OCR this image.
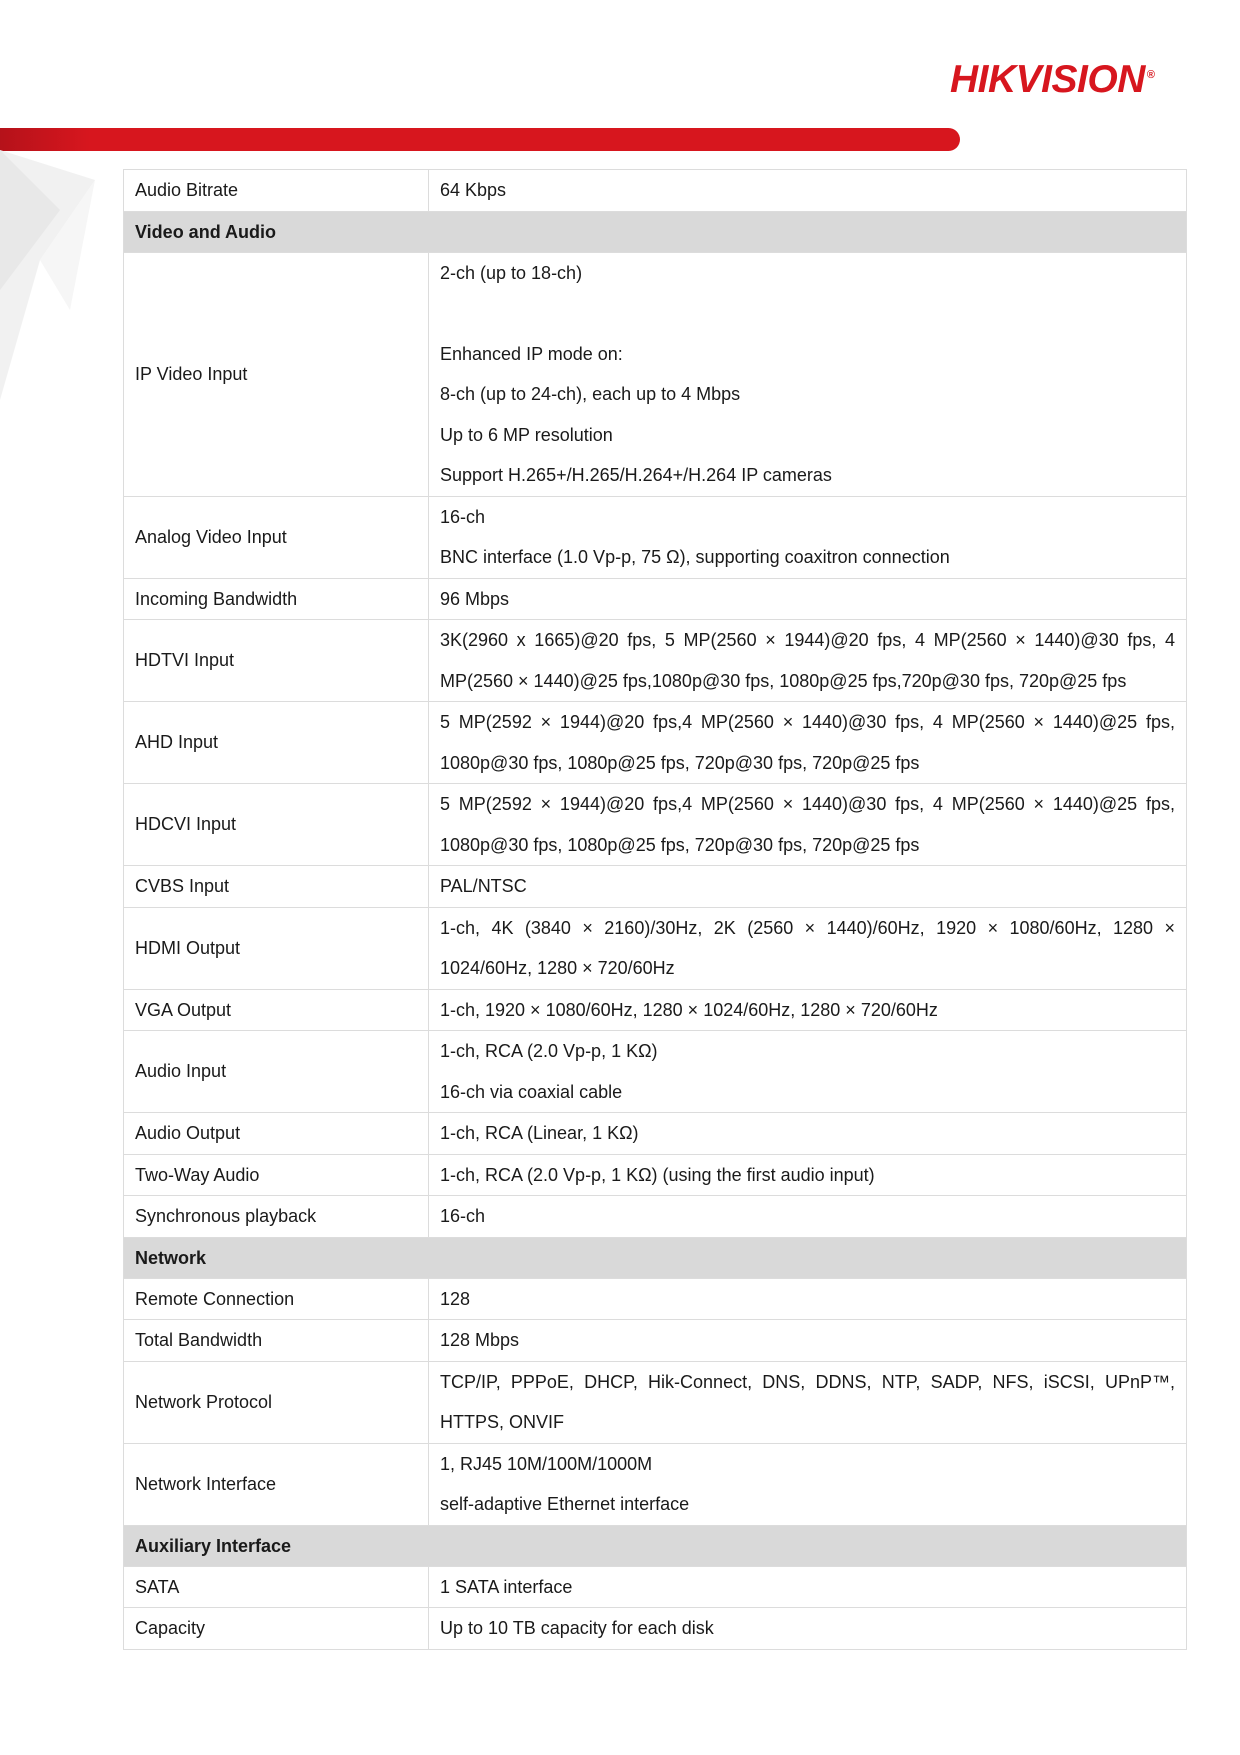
HIKVISION ®
Audio Bitrate	64 Kbps
Video and Audio	
IP Video Input	2-ch (up to 18-ch)
Enhanced IP mode on:
8-ch (up to 24-ch), each up to 4 Mbps
Up to 6 MP resolution
Support H.265+/H.265/H.264+/H.264 IP cameras

Analog Video Input	16-ch
BNC interface (1.0 Vp-p, 75 Ω), supporting coaxitron connection

Incoming Bandwidth	96 Mbps
HDTVI Input	3K(2960 x 1665)@20 fps, 5 MP(2560 × 1944)@20 fps, 4 MP(2560 × 1440)@30 fps, 4 MP(2560 × 1440)@25 fps,1080p@30 fps, 1080p@25 fps,720p@30 fps, 720p@25 fps
AHD Input	5 MP(2592 × 1944)@20 fps,4 MP(2560 × 1440)@30 fps, 4 MP(2560 × 1440)@25 fps, 1080p@30 fps, 1080p@25 fps, 720p@30 fps, 720p@25 fps
HDCVI Input	5 MP(2592 × 1944)@20 fps,4 MP(2560 × 1440)@30 fps, 4 MP(2560 × 1440)@25 fps, 1080p@30 fps, 1080p@25 fps, 720p@30 fps, 720p@25 fps
CVBS Input	PAL/NTSC
HDMI Output	1-ch, 4K (3840 × 2160)/30Hz, 2K (2560 × 1440)/60Hz, 1920 × 1080/60Hz, 1280 × 1024/60Hz, 1280 × 720/60Hz
VGA Output	1-ch, 1920 × 1080/60Hz, 1280 × 1024/60Hz, 1280 × 720/60Hz
Audio Input	1-ch, RCA (2.0 Vp-p, 1 KΩ)
16-ch via coaxial cable

Audio Output	1-ch, RCA (Linear, 1 KΩ)
Two-Way Audio	1-ch, RCA (2.0 Vp-p, 1 KΩ) (using the first audio input)
Synchronous playback	16-ch
Network	
Remote Connection	128
Total Bandwidth	128 Mbps
Network Protocol	TCP/IP, PPPoE, DHCP, Hik-Connect, DNS, DDNS, NTP, SADP, NFS, iSCSI, UPnP™, HTTPS, ONVIF
Network Interface	1, RJ45 10M/100M/1000M
self-adaptive Ethernet interface

Auxiliary Interface	
SATA	1 SATA interface
Capacity	Up to 10 TB capacity for each disk
